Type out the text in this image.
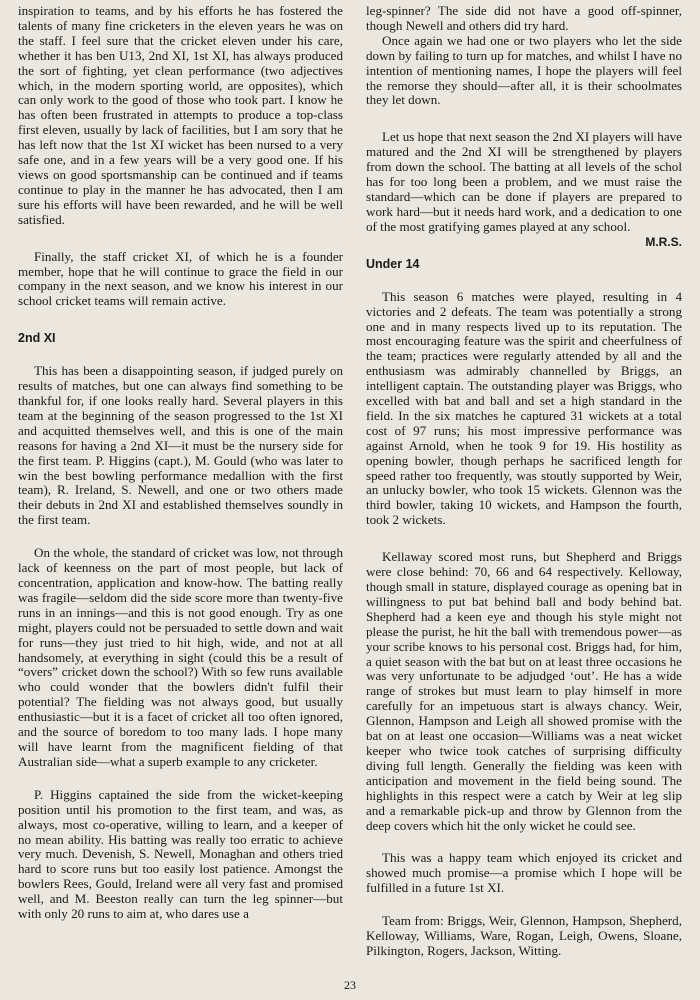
inspiration to teams, and by his efforts he has fostered the talents of many fine cricketers in the eleven years he was on the staff. I feel sure that the cricket eleven under his care, whether it has ben U13, 2nd XI, 1st XI, has always produced the sort of fighting, yet clean performance (two adjectives which, in the modern sporting world, are opposites), which can only work to the good of those who took part. I know he has often been frustrated in attempts to produce a top-class first eleven, usually by lack of facilities, but I am sory that he has left now that the 1st XI wicket has been nursed to a very safe one, and in a few years will be a very good one. If his views on good sportsmanship can be continued and if teams continue to play in the manner he has advocated, then I am sure his efforts will have been rewarded, and he will be well satisfied.

Finally, the staff cricket XI, of which he is a founder member, hope that he will continue to grace the field in our company in the next season, and we know his interest in our school cricket teams will remain active.

2nd XI

This has been a disappointing season, if judged purely on results of matches, but one can always find something to be thankful for, if one looks really hard. Several players in this team at the beginning of the season progressed to the 1st XI and acquitted themselves well, and this is one of the main reasons for having a 2nd XI—it must be the nursery side for the first team. P. Higgins (capt.), M. Gould (who was later to win the best bowling performance medallion with the first team), R. Ireland, S. Newell, and one or two others made their debuts in 2nd XI and established themselves soundly in the first team.

On the whole, the standard of cricket was low, not through lack of keenness on the part of most people, but lack of concentration, application and know-how. The batting really was fragile—seldom did the side score more than twenty-five runs in an innings—and this is not good enough. Try as one might, players could not be persuaded to settle down and wait for runs—they just tried to hit high, wide, and not at all handsomely, at everything in sight (could this be a result of “overs” cricket down the school?) With so few runs available who could wonder that the bowlers didn't fulfil their potential? The fielding was not always good, but usually enthusiastic—but it is a facet of cricket all too often ignored, and the source of boredom to too many lads. I hope many will have learnt from the magnificent fielding of that Australian side—what a superb example to any cricketer.

P. Higgins captained the side from the wicket-keeping position until his promotion to the first team, and was, as always, most co-operative, willing to learn, and a keeper of no mean ability. His batting was really too erratic to achieve very much. Devenish, S. Newell, Monaghan and others tried hard to score runs but too easily lost patience. Amongst the bowlers Rees, Gould, Ireland were all very fast and promised well, and M. Beeston really can turn the leg spinner—but with only 20 runs to aim at, who dares use a

leg-spinner? The side did not have a good off-spinner, though Newell and others did try hard.

Once again we had one or two players who let the side down by failing to turn up for matches, and whilst I have no intention of mentioning names, I hope the players will feel the remorse they should—after all, it is their schoolmates they let down.

Let us hope that next season the 2nd XI players will have matured and the 2nd XI will be strengthened by players from down the school. The batting at all levels of the schol has for too long been a problem, and we must raise the standard—which can be done if players are prepared to work hard—but it needs hard work, and a dedication to one of the most gratifying games played at any school.
M.R.S.

Under 14

This season 6 matches were played, resulting in 4 victories and 2 defeats. The team was potentially a strong one and in many respects lived up to its reputation. The most encouraging feature was the spirit and cheerfulness of the team; practices were regularly attended by all and the enthusiasm was admirably channelled by Briggs, an intelligent captain. The outstanding player was Briggs, who excelled with bat and ball and set a high standard in the field. In the six matches he captured 31 wickets at a total cost of 97 runs; his most impressive performance was against Arnold, when he took 9 for 19. His hostility as opening bowler, though perhaps he sacrificed length for speed rather too frequently, was stoutly supported by Weir, an unlucky bowler, who took 15 wickets. Glennon was the third bowler, taking 10 wickets, and Hampson the fourth, took 2 wickets.

Kellaway scored most runs, but Shepherd and Briggs were close behind: 70, 66 and 64 respectively. Kelloway, though small in stature, displayed courage as opening bat in willingness to put bat behind ball and body behind bat. Shepherd had a keen eye and though his style might not please the purist, he hit the ball with tremendous power—as your scribe knows to his personal cost. Briggs had, for him, a quiet season with the bat but on at least three occasions he was very unfortunate to be adjudged ‘out’. He has a wide range of strokes but must learn to play himself in more carefully for an impetuous start is always chancy. Weir, Glennon, Hampson and Leigh all showed promise with the bat on at least one occasion—Williams was a neat wicket keeper who twice took catches of surprising difficulty diving full length. Generally the fielding was keen with anticipation and movement in the field being sound. The highlights in this respect were a catch by Weir at leg slip and a remarkable pick-up and throw by Glennon from the deep covers which hit the only wicket he could see.

This was a happy team which enjoyed its cricket and showed much promise—a promise which I hope will be fulfilled in a future 1st XI.

Team from: Briggs, Weir, Glennon, Hampson, Shepherd, Kelloway, Williams, Ware, Rogan, Leigh, Owens, Sloane, Pilkington, Rogers, Jackson, Witting.

23
